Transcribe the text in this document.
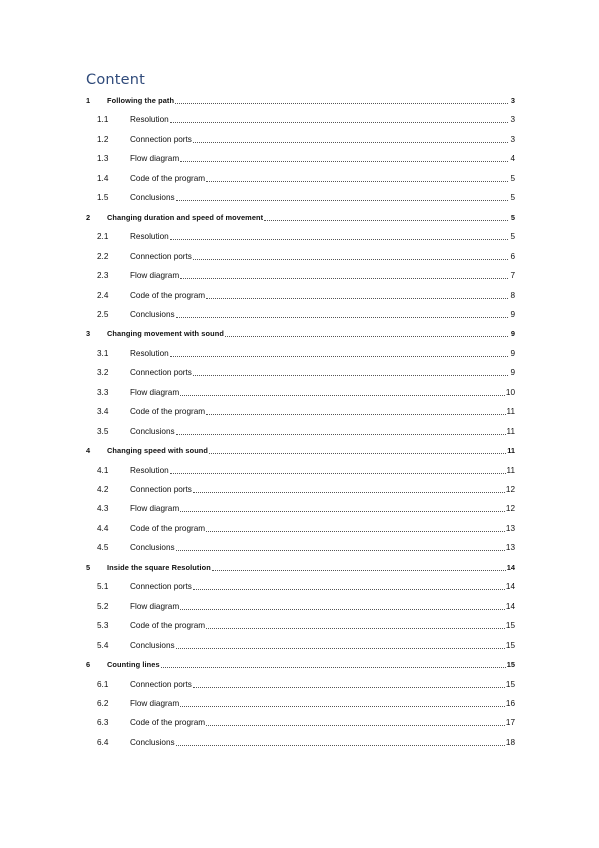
Content
1	Following the path	3
1.1	Resolution	3
1.2	Connection ports	3
1.3	Flow diagram	4
1.4	Code of the program	5
1.5	Conclusions	5
2	Changing duration and speed of movement	5
2.1	Resolution	5
2.2	Connection ports	6
2.3	Flow diagram	7
2.4	Code of the program	8
2.5	Conclusions	9
3	Changing movement with sound	9
3.1	Resolution	9
3.2	Connection ports	9
3.3	Flow diagram	10
3.4	Code of the program	11
3.5	Conclusions	11
4	Changing speed with sound	11
4.1	Resolution	11
4.2	Connection ports	12
4.3	Flow diagram	12
4.4	Code of the program	13
4.5	Conclusions	13
5	Inside the square Resolution	14
5.1	Connection ports	14
5.2	Flow diagram	14
5.3	Code of the program	15
5.4	Conclusions	15
6	Counting lines	15
6.1	Connection ports	15
6.2	Flow diagram	16
6.3	Code of the program	17
6.4	Conclusions	18
